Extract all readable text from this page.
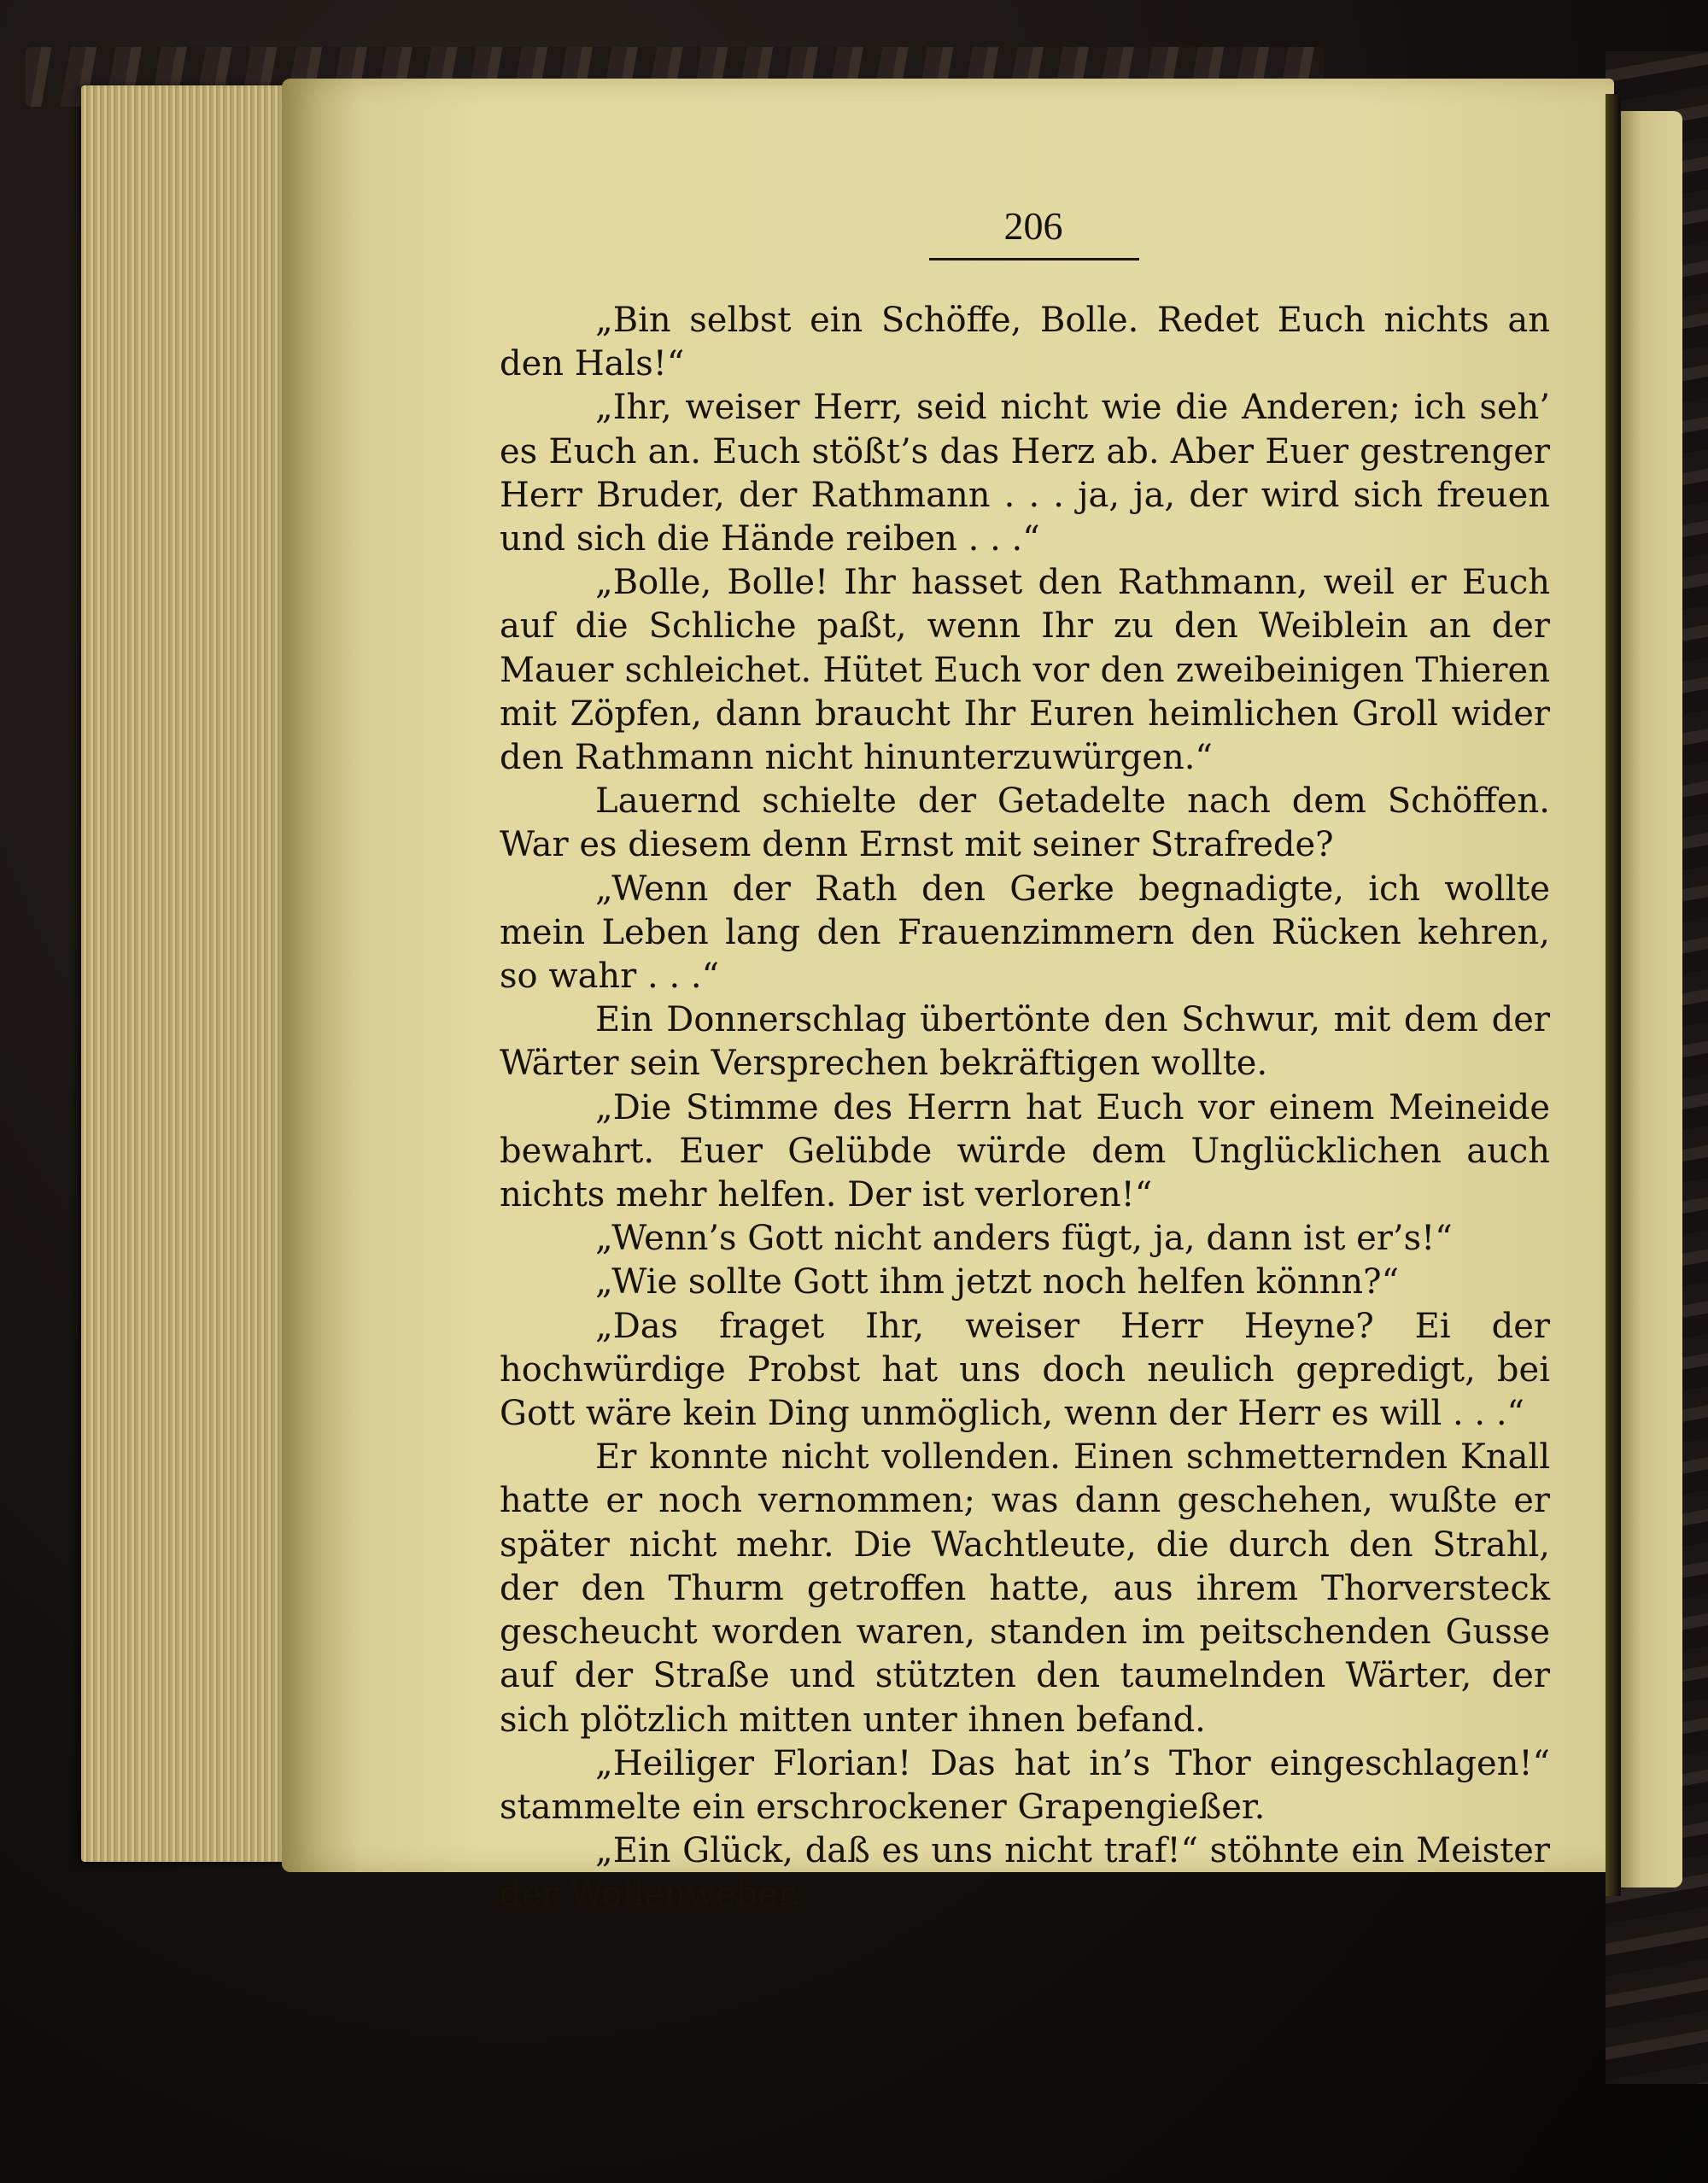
206

„Bin selbst ein Schöffe, Bolle. Redet Euch nichts an den Hals!“

„Ihr, weiser Herr, seid nicht wie die Anderen; ich seh’ es Euch an. Euch stößt’s das Herz ab. Aber Euer gestrenger Herr Bruder, der Rathmann . . . ja, ja, der wird sich freuen und sich die Hände reiben . . .“

„Bolle, Bolle! Ihr hasset den Rathmann, weil er Euch auf die Schliche paßt, wenn Ihr zu den Weiblein an der Mauer schleichet. Hütet Euch vor den zweibeinigen Thieren mit Zöpfen, dann braucht Ihr Euren heimlichen Groll wider den Rathmann nicht hinunterzuwürgen.“

Lauernd schielte der Getadelte nach dem Schöffen. War es diesem denn Ernst mit seiner Strafrede?

„Wenn der Rath den Gerke begnadigte, ich wollte mein Leben lang den Frauenzimmern den Rücken kehren, so wahr . . .“

Ein Donnerschlag übertönte den Schwur, mit dem der Wärter sein Versprechen bekräftigen wollte.

„Die Stimme des Herrn hat Euch vor einem Meineide bewahrt. Euer Gelübde würde dem Unglücklichen auch nichts mehr helfen. Der ist verloren!“

„Wenn’s Gott nicht anders fügt, ja, dann ist er’s!“

„Wie sollte Gott ihm jetzt noch helfen könnn?“

„Das fraget Ihr, weiser Herr Heyne? Ei der hochwürdige Probst hat uns doch neulich gepredigt, bei Gott wäre kein Ding unmöglich, wenn der Herr es will . . .“

Er konnte nicht vollenden. Einen schmetternden Knall hatte er noch vernommen; was dann geschehen, wußte er später nicht mehr. Die Wachtleute, die durch den Strahl, der den Thurm getroffen hatte, aus ihrem Thorversteck gescheucht worden waren, standen im peitschenden Gusse auf der Straße und stützten den taumelnden Wärter, der sich plötzlich mitten unter ihnen befand.

„Heiliger Florian! Das hat in’s Thor eingeschlagen!“ stammelte ein erschrockener Grapengießer.

„Ein Glück, daß es uns nicht traf!“ stöhnte ein Meister der Wollenweber.
